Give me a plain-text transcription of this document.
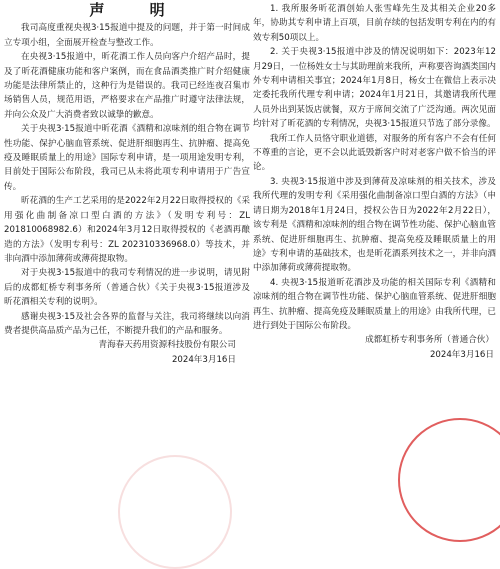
声 明

我司高度重视央视3·15报道中提及的问题，并于第一时间成立专项小组，全面展开检查与整改工作。

在央视3·15报道中，昕花酒工作人员向客户介绍产品时，提及了昕花酒健康功能和客户案例，而在食品酒类推广时介绍健康功能是法律所禁止的，这种行为是错误的。我司已经连夜召集市场销售人员，规范用语，严格要求在产品推广时遵守法律法规，并向公众及广大消费者致以诚挚的歉意。

关于央视3·15报道中昕花酒《酒精和凉味剂的组合物在调节性功能、保护心脑血管系统、促进肝细胞再生、抗肿瘤、提高免疫及睡眠质量上的用途》国际专利申请，是一项用途发明专利，目前处于国际公布阶段，我司已从未将此项专利申请用于广告宣传。

昕花酒的生产工艺采用的是2022年2月22日取得授权的《采用强化曲制备凉口型白酒的方法》（发明专利号：ZL 201810068982.6）和2024年3月12日取得授权的《老酒再酿造的方法》（发明专利号：ZL 202310336968.0）等技术，并非向酒中添加薄荷或薄荷提取物。

对于央视3·15报道中的我司专利情况的进一步说明，请见附后的成都虹桥专利事务所（普通合伙）《关于央视3·15报道涉及昕花酒相关专利的说明》。

感谢央视3·15及社会各界的监督与关注，我司将继续以向消费者提供高品质产品为己任，不断提升我们的产品和服务。

青海春天药用资源科技股份有限公司

2024年3月16日

1. 我所服务昕花酒创始人张雪峰先生及其相关企业20多年，协助其专利申请上百项，目前存续的包括发明专利在内的有效专利50项以上。

2. 关于央视3·15报道中涉及的情况说明如下：2023年12月29日，一位杨姓女士与其助理前来我所，声称要咨询酒类国内外专利申请相关事宜；2024年1月8日，杨女士在微信上表示决定委托我所代理专利申请；2024年1月21日，其邀请我所代理人员外出到某饭店就餐，双方于席间交流了广泛沟通。两次见面均针对了昕花酒的专利情况，央视3·15报道只节选了部分录像。

我所工作人员恪守职业道德，对服务的所有客户不会有任何不尊重的言论，更不会以此诋毁新客户时对老客户做不恰当的评论。

3. 央视3·15报道中涉及到薄荷及凉味剂的相关技术，涉及我所代理的发明专利《采用强化曲制备凉口型白酒的方法》（申请日期为2018年1月24日，授权公告日为2022年2月22日），该专利是《酒精和凉味剂的组合物在调节性功能、保护心脑血管系统、促进肝细胞再生、抗肿瘤、提高免疫及睡眠质量上的用途》专利申请的基础技术，也是昕花酒系列技术之一，并非向酒中添加薄荷或薄荷提取物。

4. 央视3·15报道昕花酒涉及功能的相关国际专利《酒精和凉味剂的组合物在调节性功能、保护心脑血管系统、促进肝细胞再生、抗肿瘤、提高免疫及睡眠质量上的用途》由我所代理，已进行到处于国际公布阶段。

成都虹桥专利事务所（普通合伙）

2024年3月16日
